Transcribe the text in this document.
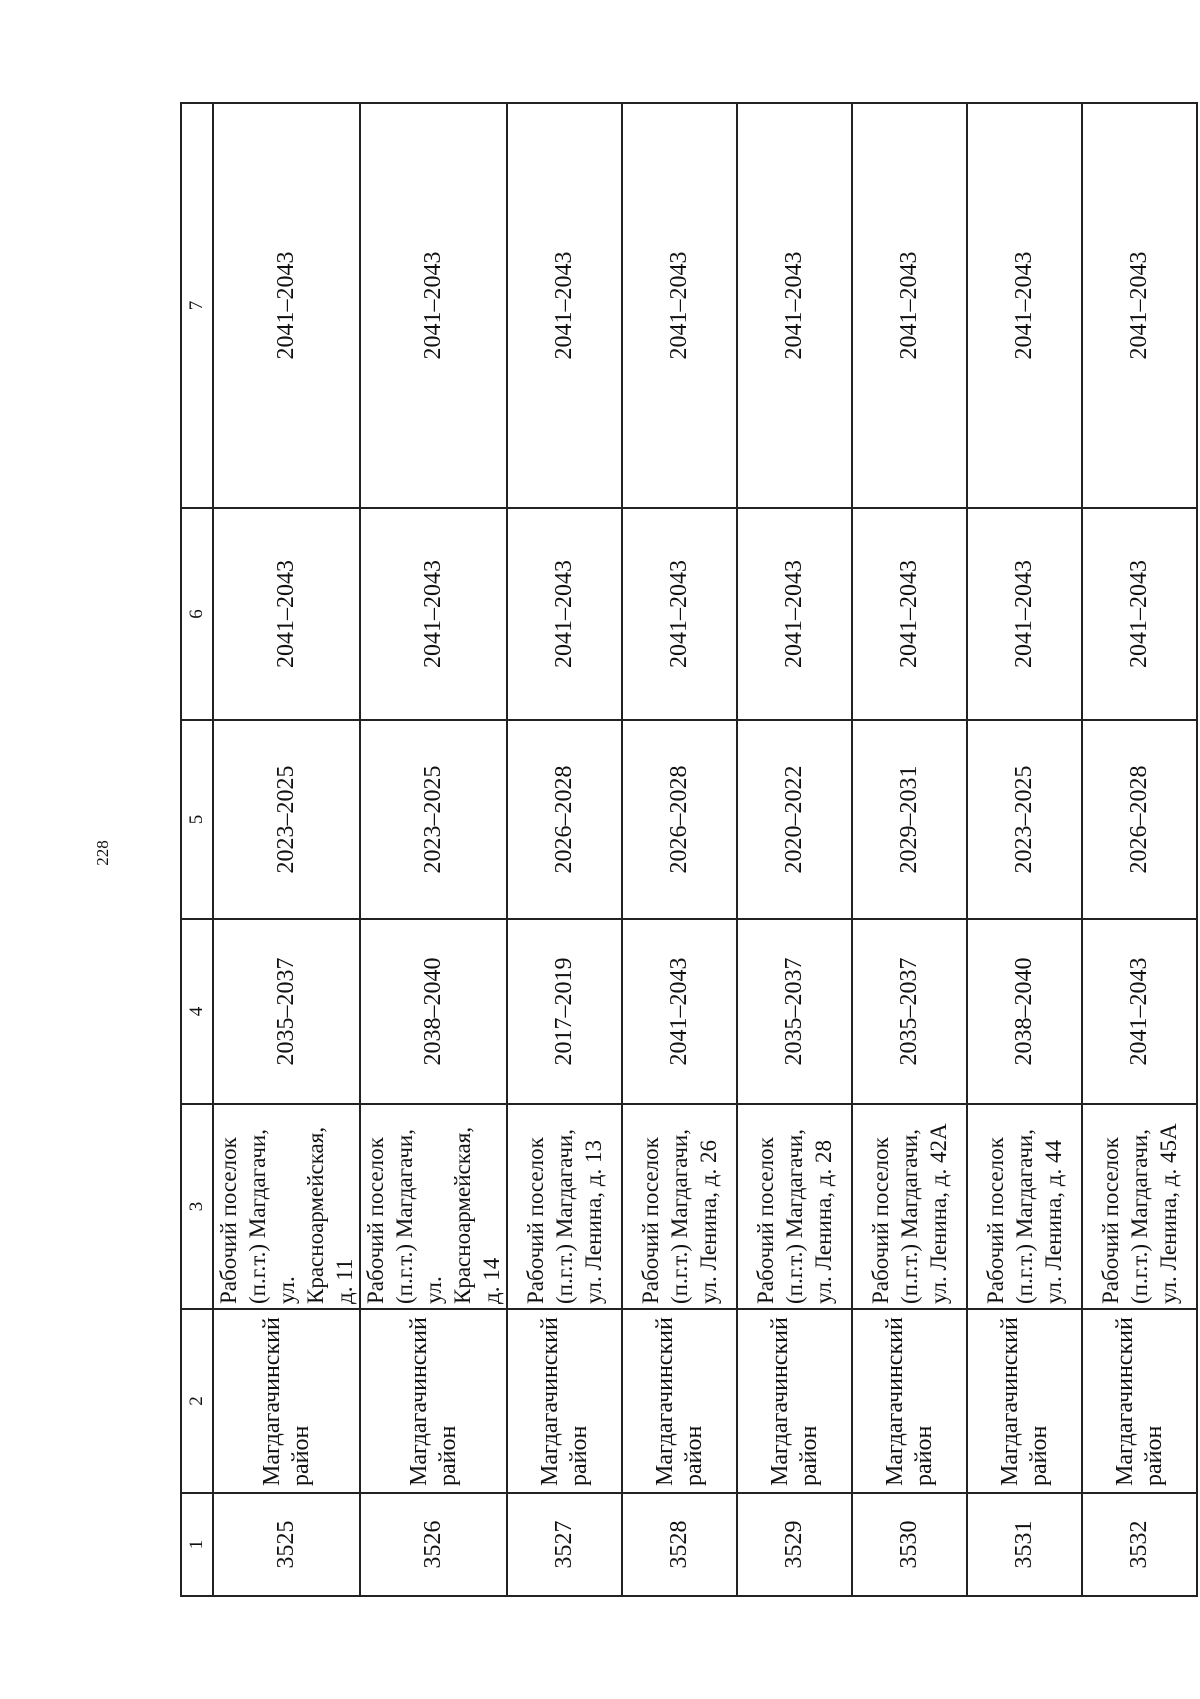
228
1	2	3	4	5	6	7
3525	Магдагачинский район	Рабочий поселок (п.г.т.) Магдагачи, ул. Красноармейская, д. 11	2035–2037	2023–2025	2041–2043	2041–2043
3526	Магдагачинский район	Рабочий поселок (п.г.т.) Магдагачи, ул. Красноармейская, д. 14	2038–2040	2023–2025	2041–2043	2041–2043
3527	Магдагачинский район	Рабочий поселок (п.г.т.) Магдагачи, ул. Ленина, д. 13	2017–2019	2026–2028	2041–2043	2041–2043
3528	Магдагачинский район	Рабочий поселок (п.г.т.) Магдагачи, ул. Ленина, д. 26	2041–2043	2026–2028	2041–2043	2041–2043
3529	Магдагачинский район	Рабочий поселок (п.г.т.) Магдагачи, ул. Ленина, д. 28	2035–2037	2020–2022	2041–2043	2041–2043
3530	Магдагачинский район	Рабочий поселок (п.г.т.) Магдагачи, ул. Ленина, д. 42А	2035–2037	2029–2031	2041–2043	2041–2043
3531	Магдагачинский район	Рабочий поселок (п.г.т.) Магдагачи, ул. Ленина, д. 44	2038–2040	2023–2025	2041–2043	2041–2043
3532	Магдагачинский район	Рабочий поселок (п.г.т.) Магдагачи, ул. Ленина, д. 45А	2041–2043	2026–2028	2041–2043	2041–2043
